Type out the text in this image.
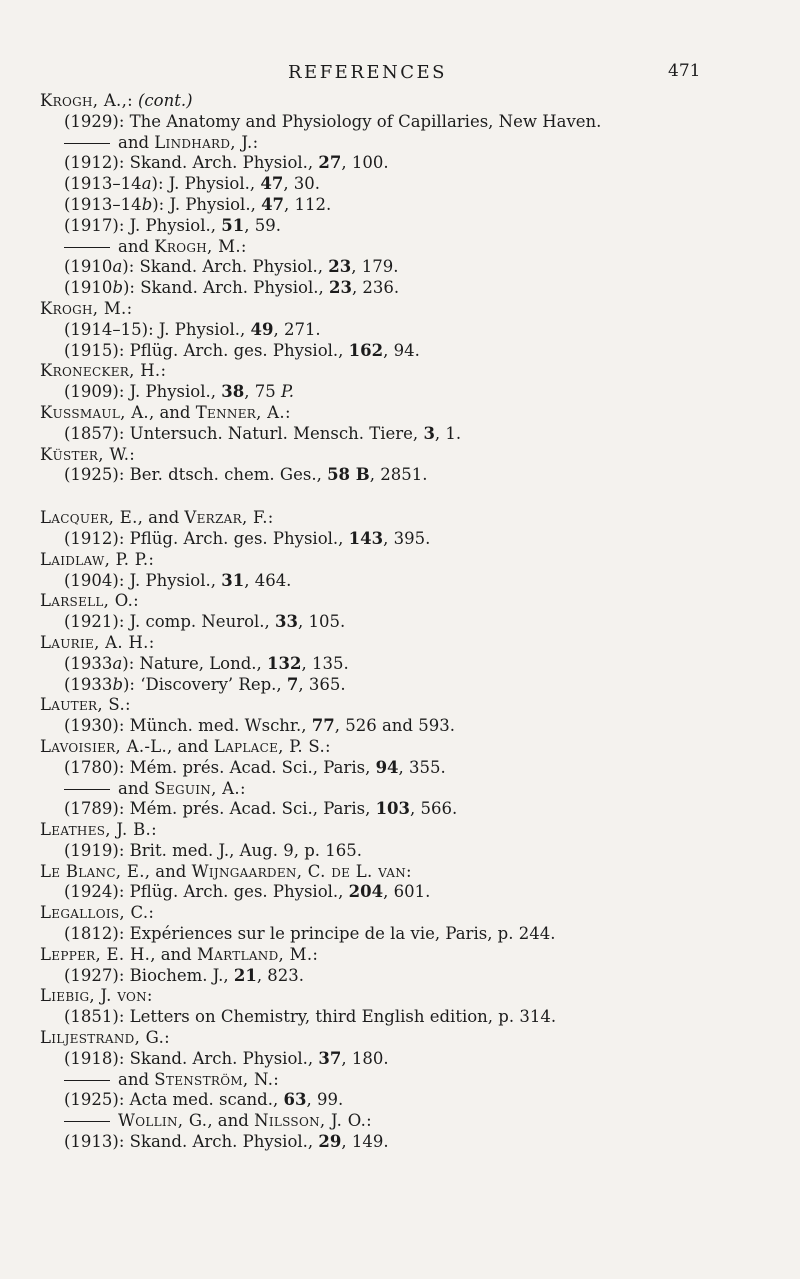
REFERENCES	471
Krogh, A.,: (cont.)
(1929): The Anatomy and Physiology of Capillaries, New Haven.
and Lindhard, J.:
(1912): Skand. Arch. Physiol., 27, 100.
(1913–14a): J. Physiol., 47, 30.
(1913–14b): J. Physiol., 47, 112.
(1917): J. Physiol., 51, 59.
and Krogh, M.:
(1910a): Skand. Arch. Physiol., 23, 179.
(1910b): Skand. Arch. Physiol., 23, 236.
Krogh, M.:
(1914–15): J. Physiol., 49, 271.
(1915): Pflüg. Arch. ges. Physiol., 162, 94.
Kronecker, H.:
(1909): J. Physiol., 38, 75 P.
Kussmaul, A., and Tenner, A.:
(1857): Untersuch. Naturl. Mensch. Tiere, 3, 1.
Küster, W.:
(1925): Ber. dtsch. chem. Ges., 58 B, 2851.
Lacquer, E., and Verzar, F.:
(1912): Pflüg. Arch. ges. Physiol., 143, 395.
Laidlaw, P. P.:
(1904): J. Physiol., 31, 464.
Larsell, O.:
(1921): J. comp. Neurol., 33, 105.
Laurie, A. H.:
(1933a): Nature, Lond., 132, 135.
(1933b): ‘Discovery’ Rep., 7, 365.
Lauter, S.:
(1930): Münch. med. Wschr., 77, 526 and 593.
Lavoisier, A.-L., and Laplace, P. S.:
(1780): Mém. prés. Acad. Sci., Paris, 94, 355.
and Seguin, A.:
(1789): Mém. prés. Acad. Sci., Paris, 103, 566.
Leathes, J. B.:
(1919): Brit. med. J., Aug. 9, p. 165.
Le Blanc, E., and Wijngaarden, C. de L. van:
(1924): Pflüg. Arch. ges. Physiol., 204, 601.
Legallois, C.:
(1812): Expériences sur le principe de la vie, Paris, p. 244.
Lepper, E. H., and Martland, M.:
(1927): Biochem. J., 21, 823.
Liebig, J. von:
(1851): Letters on Chemistry, third English edition, p. 314.
Liljestrand, G.:
(1918): Skand. Arch. Physiol., 37, 180.
and Stenström, N.:
(1925): Acta med. scand., 63, 99.
Wollin, G., and Nilsson, J. O.:
(1913): Skand. Arch. Physiol., 29, 149.
